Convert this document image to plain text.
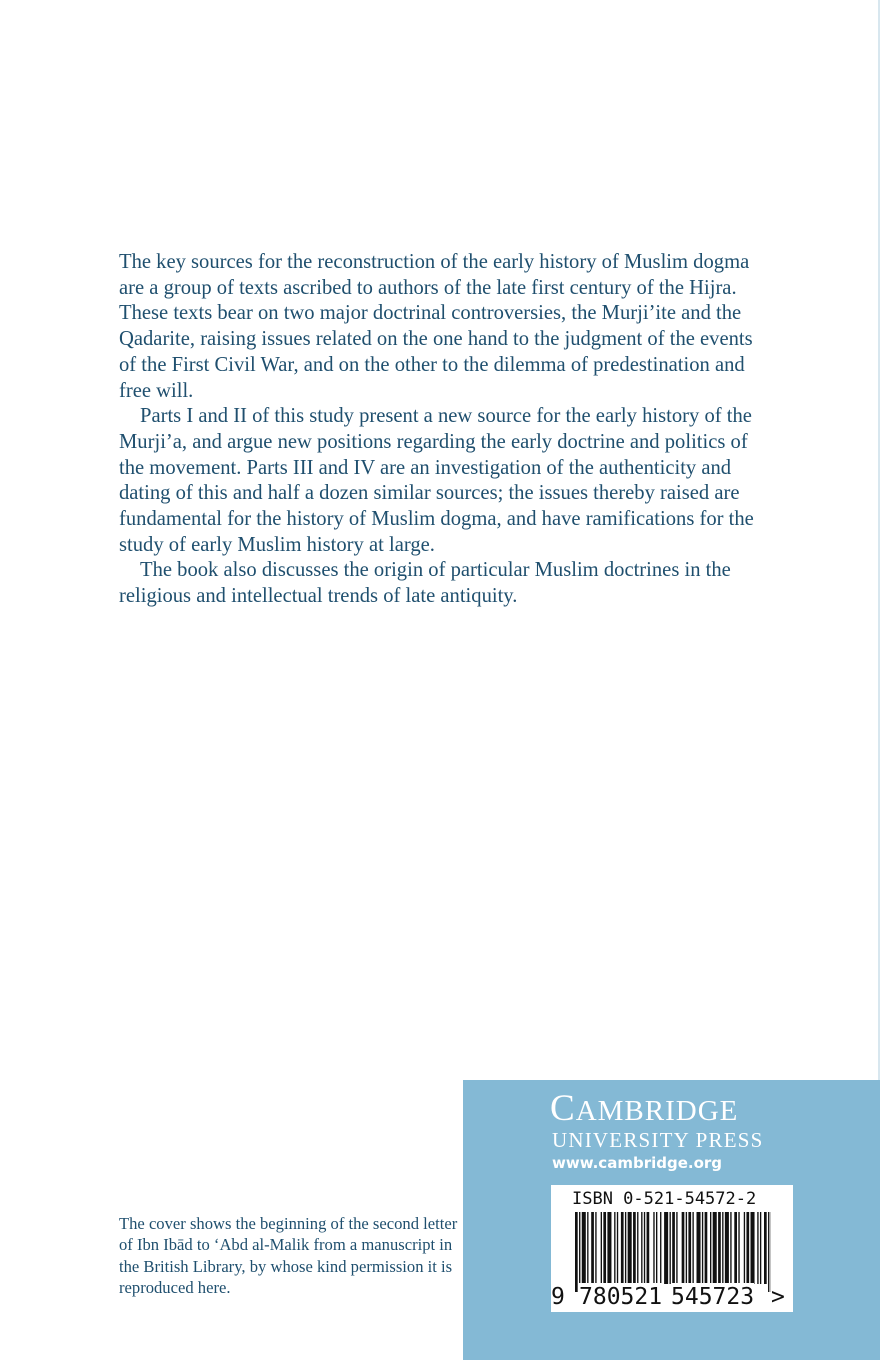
The key sources for the reconstruction of the early history of Muslim dogma are a group of texts ascribed to authors of the late first century of the Hijra. These texts bear on two major doctrinal controversies, the Murji’ite and the Qadarite, raising issues related on the one hand to the judgment of the events of the First Civil War, and on the other to the dilemma of predestination and free will.

Parts I and II of this study present a new source for the early history of the Murji’a, and argue new positions regarding the early doctrine and politics of the movement. Parts III and IV are an investigation of the authenticity and dating of this and half a dozen similar sources; the issues thereby raised are fundamental for the history of Muslim dogma, and have ramifications for the study of early Muslim history at large.

The book also discusses the origin of particular Muslim doctrines in the religious and intellectual trends of late antiquity.

The cover shows the beginning of the second letter of Ibn Ibād to ‘Abd al-Malik from a manuscript in the British Library, by whose kind permission it is reproduced here.
CAMBRIDGE
UNIVERSITY PRESS
www.cambridge.org
ISBN 0-521-54572-2
9 780521 545723 >
